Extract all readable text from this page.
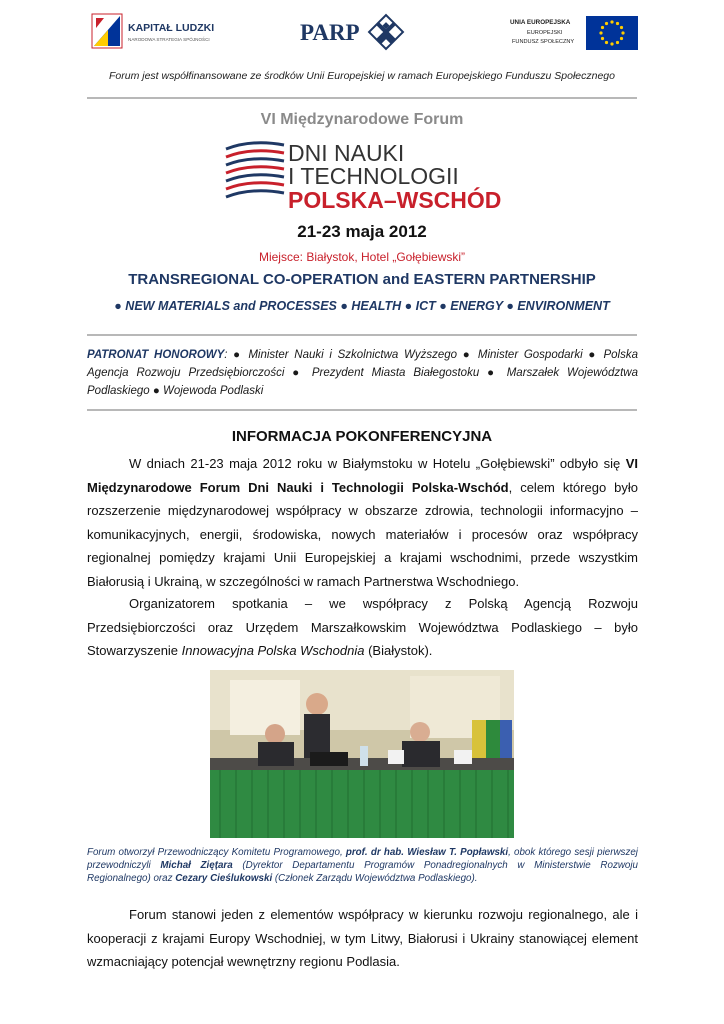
KAPITAŁ LUDZKI
NARODOWA STRATEGIA SPÓJNOŚCI	PARP	UNIA EUROPEJSKA
EUROPEJSKI
FUNDUSZ SPOŁECZNY
Forum jest współfinansowane ze środków Unii Europejskiej w ramach Europejskiego Funduszu Społecznego
VI Międzynarodowe Forum
DNI NAUKI
I TECHNOLOGII
POLSKA–WSCHÓD
21-23 maja 2012
Miejsce: Białystok, Hotel „Gołębiewski”
TRANSREGIONAL CO-OPERATION and EASTERN PARTNERSHIP
● NEW MATERIALS and PROCESSES ● HEALTH ● ICT ● ENERGY ● ENVIRONMENT
PATRONAT HONOROWY: ● Minister Nauki i Szkolnictwa Wyższego ● Minister Gospodarki ● Polska Agencja Rozwoju Przedsiębiorczości ● Prezydent Miasta Białegostoku ● Marszałek Województwa Podlaskiego ● Wojewoda Podlaski
INFORMACJA POKONFERENCYJNA
W dniach 21-23 maja 2012 roku w Białymstoku w Hotelu „Gołębiewski” odbyło się VI Międzynarodowe Forum Dni Nauki i Technologii Polska-Wschód, celem którego było rozszerzenie międzynarodowej współpracy w obszarze zdrowia, technologii informacyjno – komunikacyjnych, energii, środowiska, nowych materiałów i procesów oraz współpracy regionalnej pomiędzy krajami Unii Europejskiej a krajami wschodnimi, przede wszystkim Białorusią i Ukrainą, w szczególności w ramach Partnerstwa Wschodniego.
Organizatorem spotkania – we współpracy z Polską Agencją Rozwoju Przedsiębiorczości oraz Urzędem Marszałkowskim Województwa Podlaskiego – było Stowarzyszenie Innowacyjna Polska Wschodnia (Białystok).
Forum otworzył Przewodniczący Komitetu Programowego, prof. dr hab. Wiesław T. Popławski, obok którego sesji pierwszej przewodniczyli Michał Zięțara (Dyrektor Departamentu Programów Ponadregionalnych w Ministerstwie Rozwoju Regionalnego) oraz Cezary Cieślukowski (Członek Zarządu Województwa Podlaskiego).
Forum stanowi jeden z elementów współpracy w kierunku rozwoju regionalnego, ale i kooperacji z krajami Europy Wschodniej, w tym Litwy, Białorusi i Ukrainy stanowiącej element wzmacniający potencjał wewnętrzny regionu Podlasia.
